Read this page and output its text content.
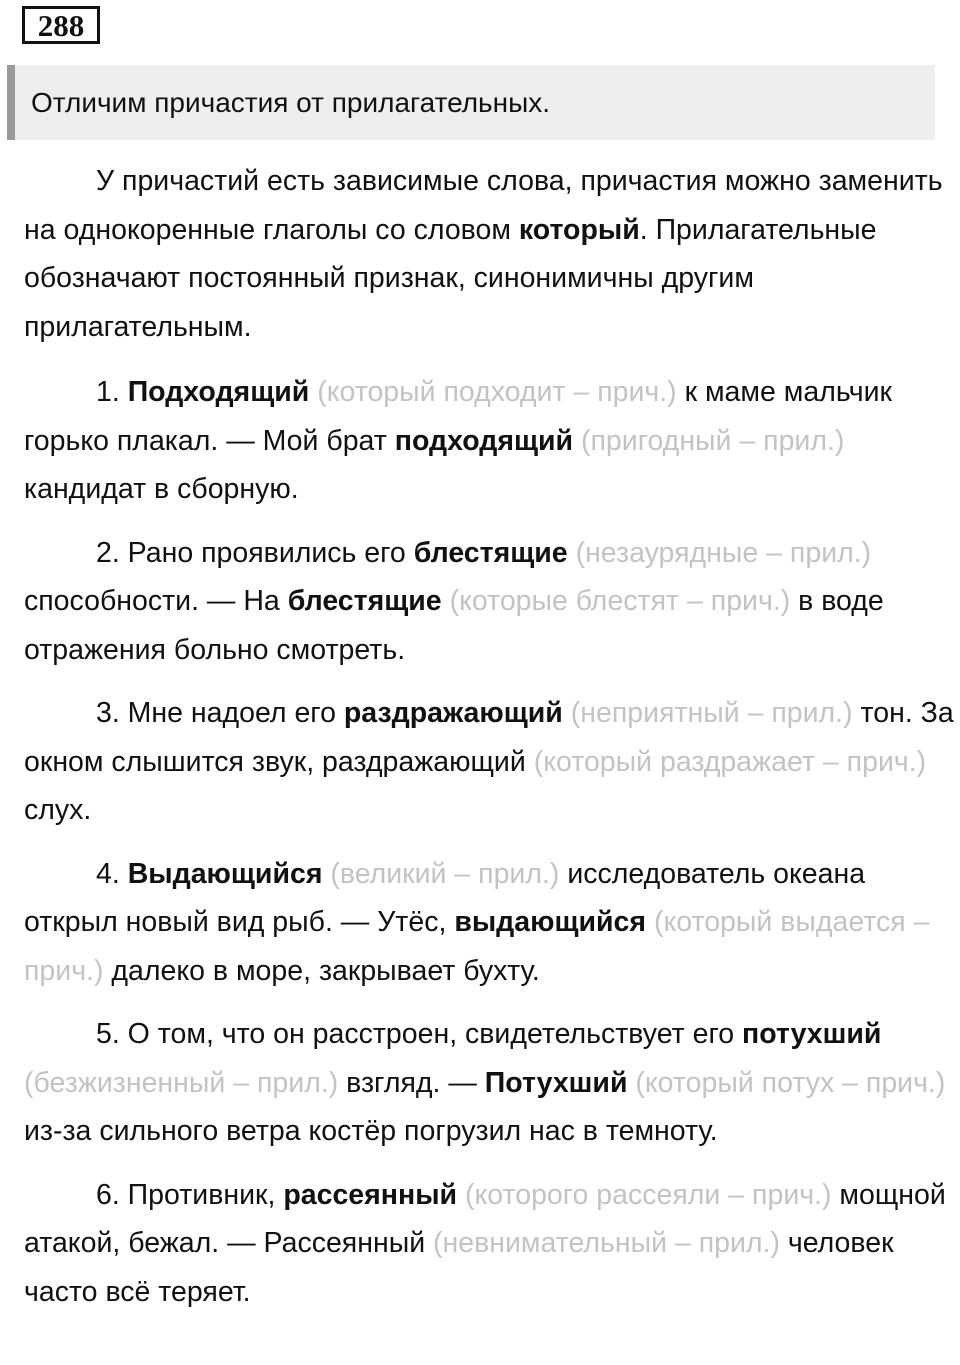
288
Отличим причастия от прилагательных.

У причастий есть зависимые слова, причастия можно заменить на однокоренные глаголы со словом который. Прилагательные обозначают постоянный признак, синонимичны другим прилагательным.

1. Подходящий (который подходит – прич.) к маме мальчик горько плакал. — Мой брат подходящий (пригодный – прил.) кандидат в сборную.

2. Рано проявились его блестящие (незаурядные – прил.) способности. — На блестящие (которые блестят – прич.) в воде отражения больно смотреть.

3. Мне надоел его раздражающий (неприятный – прил.) тон. За окном слышится звук, раздражающий (который раздражает – прич.) слух.

4. Выдающийся (великий – прил.) исследователь океана открыл новый вид рыб. — Утёс, выдающийся (который выдается – прич.) далеко в море, закрывает бухту.

5. О том, что он расстроен, свидетельствует его потухший (безжизненный – прил.) взгляд. — Потухший (который потух – прич.) из-за сильного ветра костёр погрузил нас в темноту.

6. Противник, рассеянный (которого рассеяли – прич.) мощной атакой, бежал. — Рассеянный (невнимательный – прил.) человек часто всё теряет.
